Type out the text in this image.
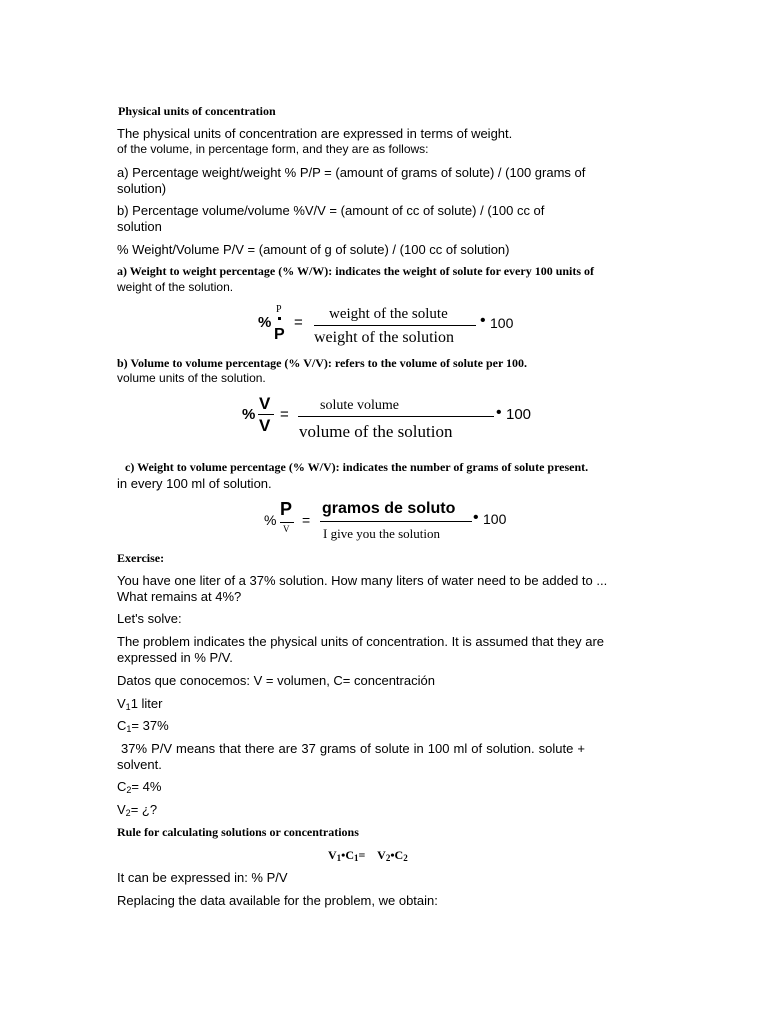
Physical units of concentration
The physical units of concentration are expressed in terms of weight.
of the volume, in percentage form, and they are as follows:
a) Percentage weight/weight % P/P = (amount of grams of solute) / (100 grams of solution)
b) Percentage volume/volume %V/V = (amount of cc of solute) / (100 cc of solution
% Weight/Volume P/V = (amount of g of solute) / (100 cc of solution)
a) Weight to weight percentage (% W/W): indicates the weight of solute for every 100 units of
weight of the solution.
%
P
P
= weight of the solute
weight of the solution
• 100
b) Volume to volume percentage (% V/V): refers to the volume of solute per 100.
volume units of the solution.
%
V
V
=
solute volume
volume of the solution
• 100
c) Weight to volume percentage (% W/V): indicates the number of grams of solute present.
in every 100 ml of solution.
%
P
V
=
gramos de soluto
I give you the solution
• 100
Exercise:
You have one liter of a 37% solution. How many liters of water need to be added to ... What remains at 4%?
Let's solve:
The problem indicates the physical units of concentration. It is assumed that they are expressed in % P/V.
Datos que conocemos: V = volumen, C= concentración
$V_11$ liter
$C_1= 37\%$
37% P/V means that there are 37 grams of solute in 100 ml of solution. solute + solvent.
$C_2= 4\%$
$V_2=$ ¿?
Rule for calculating solutions or concentrations
$V_1•C_1=$    $V_2•C_2$
It can be expressed in: % P/V
Replacing the data available for the problem, we obtain:
